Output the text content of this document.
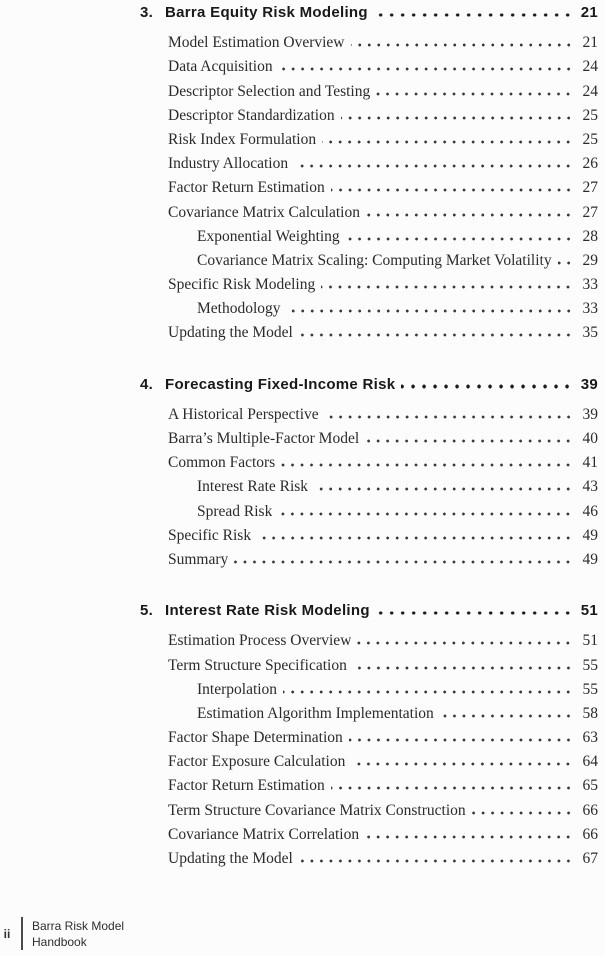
3. Barra Equity Risk Modeling	21
Model Estimation Overview	21
Data Acquisition	24
Descriptor Selection and Testing	24
Descriptor Standardization	25
Risk Index Formulation	25
Industry Allocation	26
Factor Return Estimation	27
Covariance Matrix Calculation	27
Exponential Weighting	28
Covariance Matrix Scaling: Computing Market Volatility	29
Specific Risk Modeling	33
Methodology	33
Updating the Model	35
4. Forecasting Fixed-Income Risk	39
A Historical Perspective	39
Barra’s Multiple-Factor Model	40
Common Factors	41
Interest Rate Risk	43
Spread Risk	46
Specific Risk	49
Summary	49
5. Interest Rate Risk Modeling	51
Estimation Process Overview	51
Term Structure Specification	55
Interpolation	55
Estimation Algorithm Implementation	58
Factor Shape Determination	63
Factor Exposure Calculation	64
Factor Return Estimation	65
Term Structure Covariance Matrix Construction	66
Covariance Matrix Correlation	66
Updating the Model	67
ii
Barra Risk Model
Handbook
